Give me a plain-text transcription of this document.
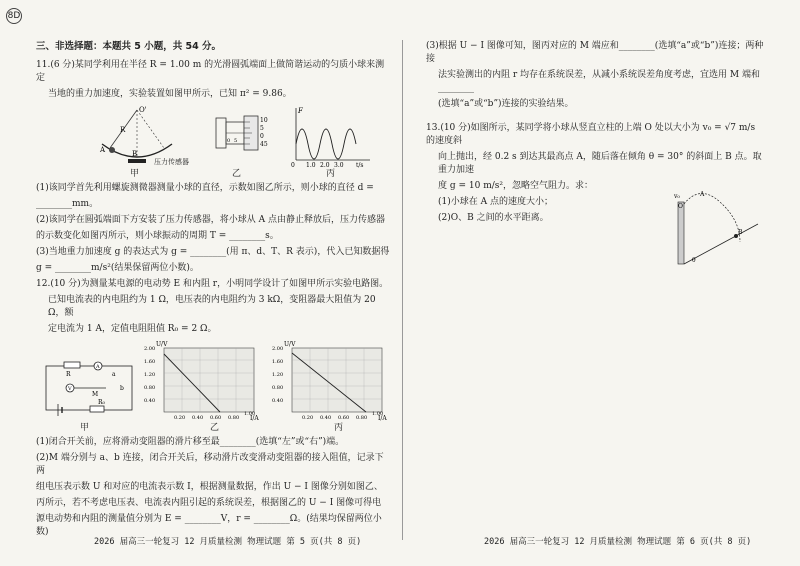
8D
三、非选择题：本题共 5 小题，共 54 分。

11.(6 分)某同学利用在半径 R = 1.00 m 的光滑圆弧端面上做简谐运动的匀质小球来测定

当地的重力加速度，实验装置如图甲所示，已知 π² = 9.86。

O'
R
A	B
压力传感器
甲
10
5
0
45
0 5
乙
F
t/s
0 1.0 2.0 3.0
丙

(1)该同学首先利用螺旋测微器测量小球的直径，示数如图乙所示，则小球的直径 d =

________mm。

(2)该同学在圆弧端面下方安装了压力传感器，将小球从 A 点由静止释放后，压力传感器

的示数变化如图丙所示，则小球振动的周期 T = ________s。

(3)当地重力加速度 g 的表达式为 g = ________(用 π、d、T、R 表示)，代入已知数据得

g = ________m/s²(结果保留两位小数)。

12.(10 分)为测量某电源的电动势 E 和内阻 r，小明同学设计了如图甲所示实验电路图。

已知电流表的内电阻约为 1 Ω，电压表的内电阻约为 3 kΩ，变阻器最大阻值为 20 Ω，额

定电流为 1 A，定值电阻阻值 R₀ = 2 Ω。

R
A
V
M
a
b
R₀
甲
U/V
I/A
2.00
1.60
1.20
0.80
0.40
0.20 0.40 0.60 0.80
1.00
乙
U/V
I/A
2.00
1.60
1.20
0.80
0.40
0.20 0.40 0.60 0.80
1.00
丙

(1)闭合开关前，应将滑动变阻器的滑片移至最________(选填“左”或“右”)端。

(2)M 端分别与 a、b 连接，闭合开关后，移动滑片改变滑动变阻器的接入阻值，记录下两

组电压表示数 U 和对应的电流表示数 I，根据测量数据，作出 U − I 图像分别如图乙、

丙所示，若不考虑电压表、电流表内阻引起的系统误差，根据图乙的 U − I 图像可得电

源电动势和内阻的测量值分别为 E = ________V，r = ________Ω。(结果均保留两位小数)

(3)根据 U − I 图像可知，图丙对应的 M 端应和________(选填“a”或“b”)连接；两种接

法实验测出的内阻 r 均存在系统误差，从减小系统误差角度考虑，宜选用 M 端和________

(选填“a”或“b”)连接的实验结果。

13.(10 分)如图所示，某同学将小球从竖直立柱的上端 O 处以大小为 v₀ = √7 m/s 的速度斜

向上抛出，经 0.2 s 到达其最高点 A，随后落在倾角 θ = 30° 的斜面上 B 点。取重力加速

度 g = 10 m/s²，忽略空气阻力。求：

(1)小球在 A 点的速度大小；

(2)O、B 之间的水平距离。

v₀
O
A
B
θ
2026 届高三一轮复习 12 月质量检测 物理试题 第 5 页(共 8 页)	2026 届高三一轮复习 12 月质量检测 物理试题 第 6 页(共 8 页)
